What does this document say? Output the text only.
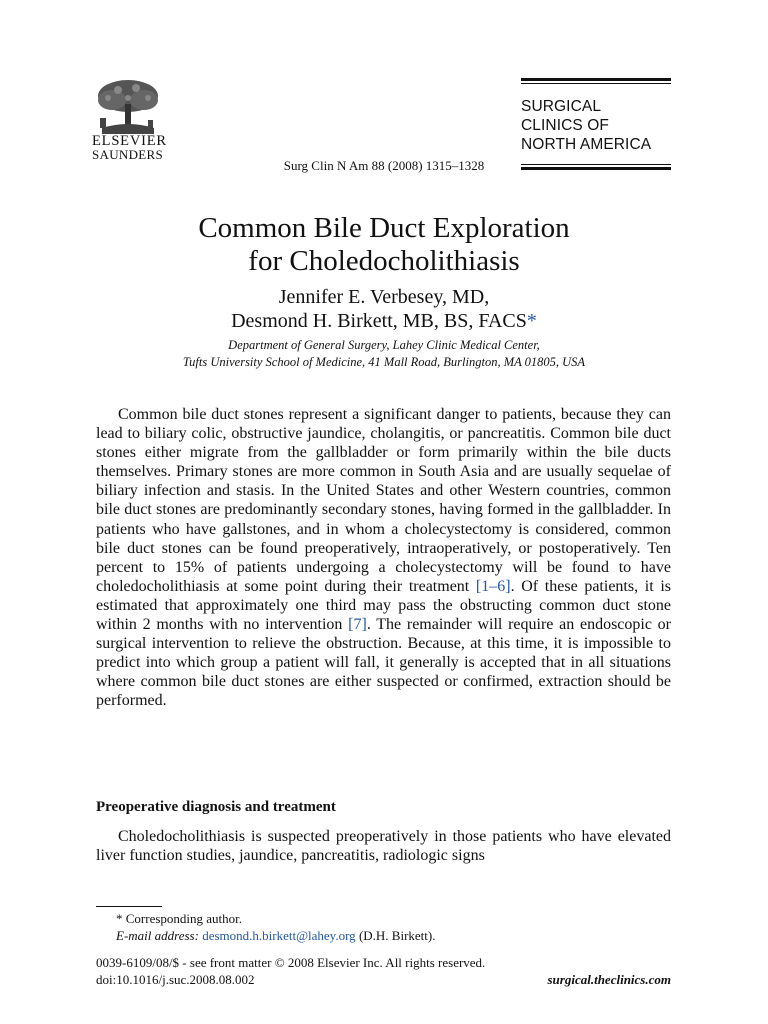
ELSEVIER
SAUNDERS
Surg Clin N Am 88 (2008) 1315–1328
SURGICAL
CLINICS OF
NORTH AMERICA
Common Bile Duct Exploration
for Choledocholithiasis
Jennifer E. Verbesey, MD,
Desmond H. Birkett, MB, BS, FACS*
Department of General Surgery, Lahey Clinic Medical Center,
Tufts University School of Medicine, 41 Mall Road, Burlington, MA 01805, USA

Common bile duct stones represent a significant danger to patients, because they can lead to biliary colic, obstructive jaundice, cholangitis, or pancreatitis. Common bile duct stones either migrate from the gallbladder or form primarily within the bile ducts themselves. Primary stones are more common in South Asia and are usually sequelae of biliary infection and stasis. In the United States and other Western countries, common bile duct stones are predominantly secondary stones, having formed in the gallbladder. In patients who have gallstones, and in whom a cholecystectomy is considered, common bile duct stones can be found preoperatively, intraoperatively, or postoperatively. Ten percent to 15% of patients undergoing a cholecystectomy will be found to have choledocholithiasis at some point during their treatment [1–6]. Of these patients, it is estimated that approximately one third may pass the obstructing common duct stone within 2 months with no intervention [7]. The remainder will require an endoscopic or surgical intervention to relieve the obstruction. Because, at this time, it is impossible to predict into which group a patient will fall, it generally is accepted that in all situations where common bile duct stones are either suspected or confirmed, extraction should be performed.

Preoperative diagnosis and treatment

Choledocholithiasis is suspected preoperatively in those patients who have elevated liver function studies, jaundice, pancreatitis, radiologic signs

* Corresponding author.
E-mail address: desmond.h.birkett@lahey.org (D.H. Birkett).
0039-6109/08/$ - see front matter © 2008 Elsevier Inc. All rights reserved.
doi:10.1016/j.suc.2008.08.002	surgical.theclinics.com
